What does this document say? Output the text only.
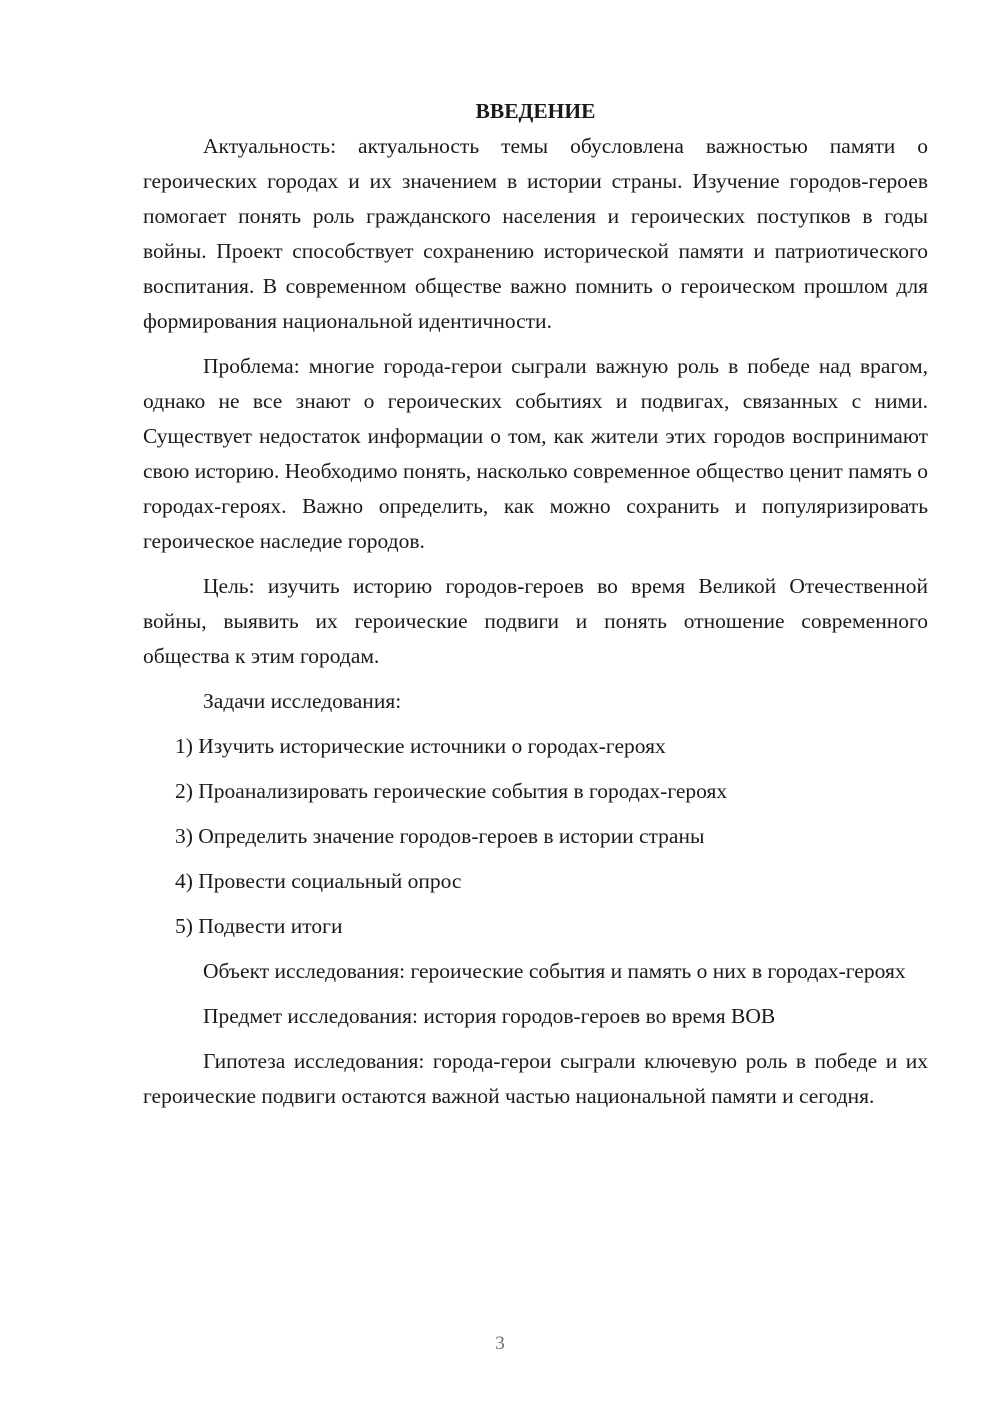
ВВЕДЕНИЕ

Актуальность: актуальность темы обусловлена важностью памяти о героических городах и их значением в истории страны. Изучение городов-героев помогает понять роль гражданского населения и героических поступков в годы войны. Проект способствует сохранению исторической памяти и патриотического воспитания. В современном обществе важно помнить о героическом прошлом для формирования национальной идентичности.

Проблема: многие города-герои сыграли важную роль в победе над врагом, однако не все знают о героических событиях и подвигах, связанных с ними. Существует недостаток информации о том, как жители этих городов воспринимают свою историю. Необходимо понять, насколько современное общество ценит память о городах-героях. Важно определить, как можно сохранить и популяризировать героическое наследие городов.

Цель: изучить историю городов-героев во время Великой Отечественной войны, выявить их героические подвиги и понять отношение современного общества к этим городам.

Задачи исследования:

1) Изучить исторические источники о городах-героях
2) Проанализировать героические события в городах-героях
3) Определить значение городов-героев в истории страны
4) Провести социальный опрос
5) Подвести итоги

Объект исследования: героические события и память о них в городах-героях

Предмет исследования: история городов-героев во время ВОВ

Гипотеза исследования: города-герои сыграли ключевую роль в победе и их героические подвиги остаются важной частью национальной памяти и сегодня.

3
